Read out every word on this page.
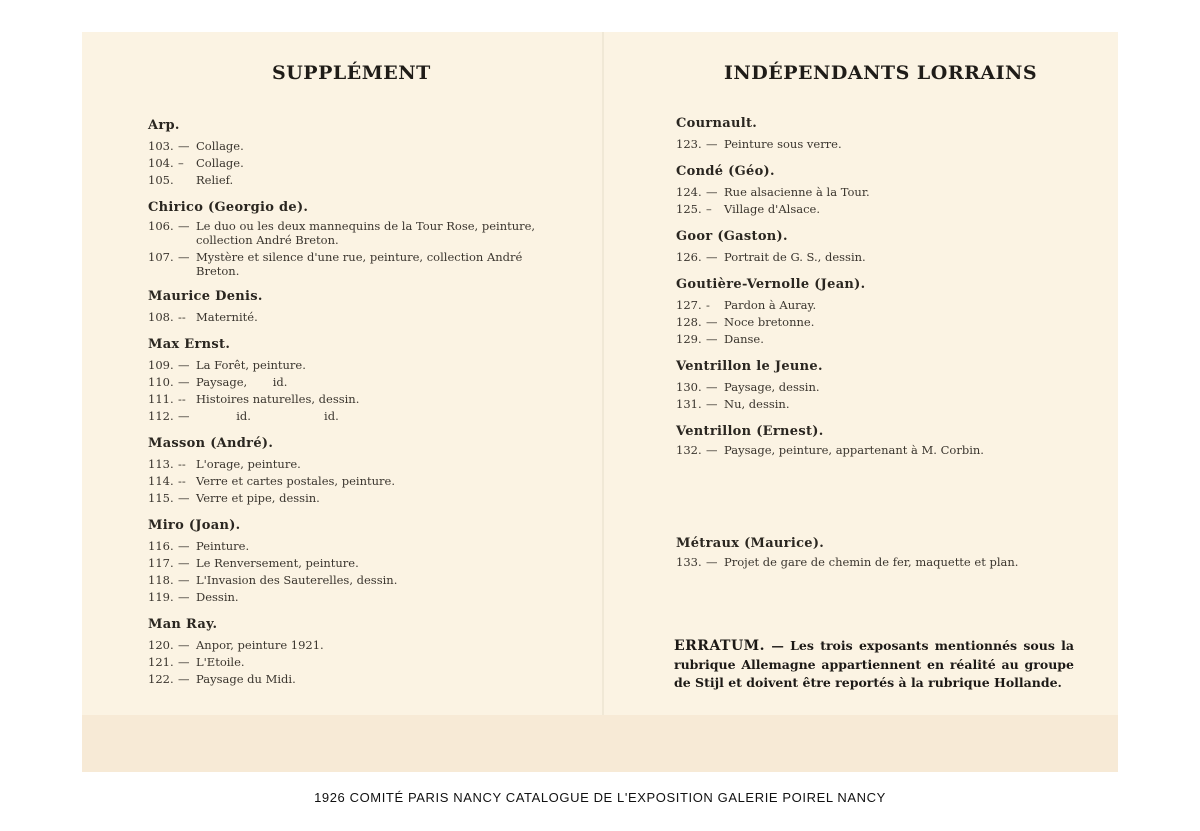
SUPPLÉMENT	INDÉPENDANTS LORRAINS
Arp.
103. — Collage.
104. –	Collage.
105.	Relief.
Chirico (Georgio de).
106. — Le duo ou les deux mannequins de la Tour Rose, peinture, collection André Breton.
107. — Mystère et silence d'une rue, peinture, collection André Breton.
Maurice Denis.
108. -- Maternité.
Max Ernst.
109. — La Forêt, peinture.
110. — Paysage,       id.
111. -- Histoires naturelles, dessin.
112. — id.                    id.
Masson (André).
113. -- L'orage, peinture.
114. -- Verre et cartes postales, peinture.
115. — Verre et pipe, dessin.
Miro (Joan).
116. — Peinture.
117. — Le Renversement, peinture.
118. — L'Invasion des Sauterelles, dessin.
119. — Dessin.
Man Ray.
120. — Anpor, peinture 1921.
121. — L'Etoile.
122. — Paysage du Midi.
Cournault.
123. — Peinture sous verre.
Condé (Géo).
124. — Rue alsacienne à la Tour.
125. –	Village d'Alsace.
Goor (Gaston).
126. — Portrait de G. S., dessin.
Goutière-Vernolle (Jean).
127. -	Pardon à Auray.
128. — Noce bretonne.
129. — Danse.
Ventrillon le Jeune.
130. — Paysage, dessin.
131. — Nu, dessin.
Ventrillon (Ernest).
132. — Paysage, peinture, appartenant à M. Corbin.
Métraux (Maurice).
133. — Projet de gare de chemin de fer, maquette et plan.
ERRATUM. — Les trois exposants mentionnés sous la rubrique Allemagne appartiennent en réalité au groupe de Stijl et doivent être reportés à la rubrique Hollande.
1926 COMITÉ PARIS NANCY CATALOGUE DE L'EXPOSITION GALERIE POIREL NANCY
